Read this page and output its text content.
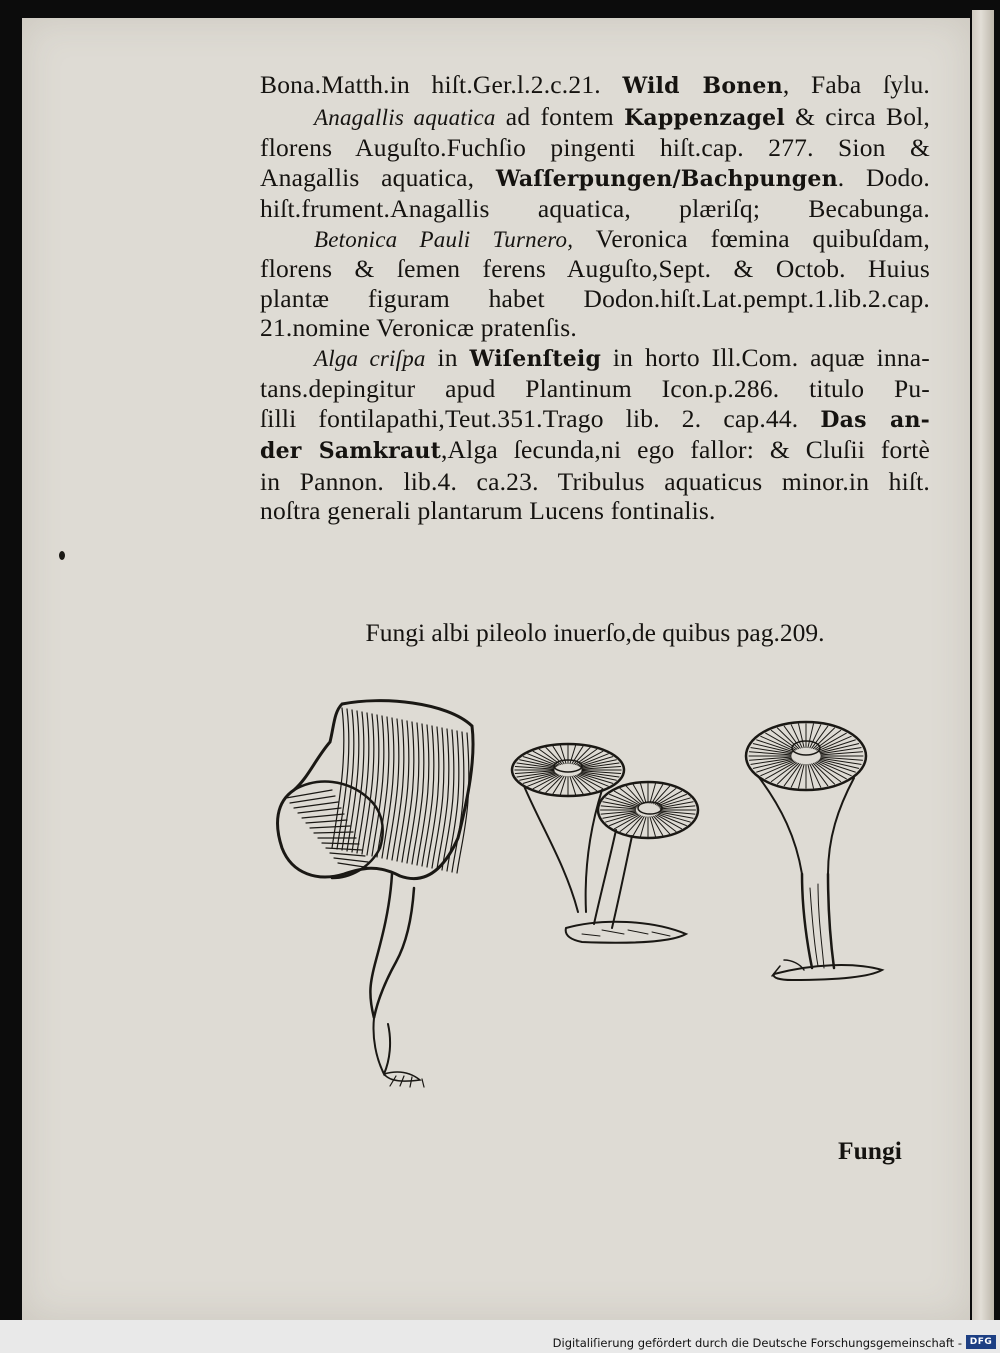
Bona.Matth.in hiſt.Ger.l.2.c.21. Wild Bonen, Faba ſylu.
Anagallis aquatica ad fontem Kappenzagel & circa Bol,
florens Auguſto.Fuchſio pingenti hiſt.cap. 277. Sion &
Anagallis aquatica, Waſſerpungen/Bachpungen. Dodo.
hiſt.frument.Anagallis aquatica, plæriſq; Becabunga.
Betonica Pauli Turnero, Veronica fœmina quibuſdam,
florens & ſemen ferens Auguſto,Sept. & Octob. Huius
plantæ figuram habet Dodon.hiſt.Lat.pempt.1.lib.2.cap.
21.nomine Veronicæ pratenſis.
Alga criſpa in Wiſenſteig in horto Ill.Com. aquæ inna-
tans.depingitur apud Plantinum Icon.p.286. titulo Pu-
ſilli fontilapathi,Teut.351.Trago lib. 2. cap.44. Das an-
der Samkraut,Alga ſecunda,ni ego fallor: & Cluſii fortè
in Pannon. lib.4. ca.23. Tribulus aquaticus minor.in hiſt.
noſtra generali plantarum Lucens fontinalis.
Fungi albi pileolo inuerſo,de quibus pag.209.
Fungi
Digitaliſierung gefördert durch die Deutsche Forschungsgemeinschaft - DFG
